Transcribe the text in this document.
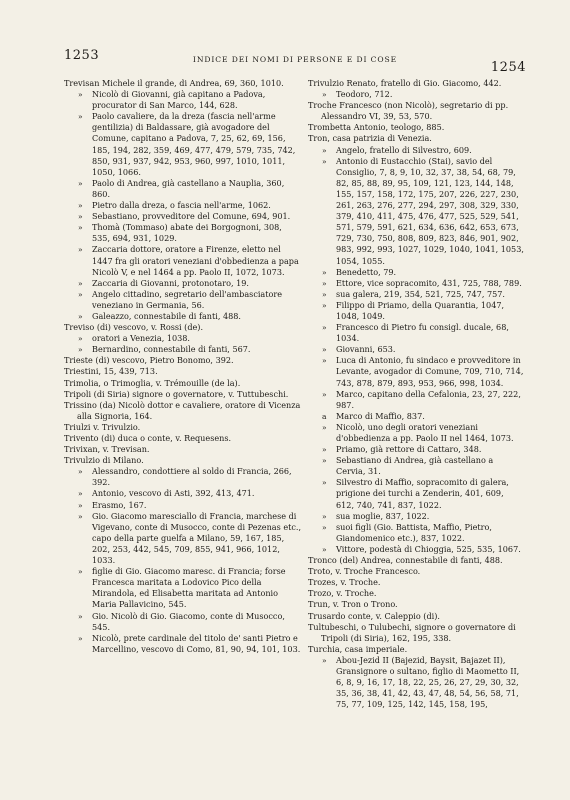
1253	INDICE DEI NOMI DI PERSONE E DI COSE
1254
Trevisan Michele il grande, di Andrea, 69, 360, 1010.
» Nicolò di Giovanni, già capitano a Padova, procurator di San Marco, 144, 628.
» Paolo cavaliere, da la dreza (fascia nell'arme gentilizia) di Baldassare, già avogadore del Comune, capitano a Padova, 7, 25, 62, 69, 156, 185, 194, 282, 359, 469, 477, 479, 579, 735, 742, 850, 931, 937, 942, 953, 960, 997, 1010, 1011, 1050, 1066.
» Paolo di Andrea, già castellano a Nauplia, 360, 860.
» Pietro dalla dreza, o fascia nell'arme, 1062.
» Sebastiano, provveditore del Comune, 694, 901.
» Thomà (Tommaso) abate dei Borgognoni, 308, 535, 694, 931, 1029.
» Zaccaria dottore, oratore a Firenze, eletto nel 1447 fra gli oratori veneziani d'obbedienza a papa Nicolò V, e nel 1464 a pp. Paolo II, 1072, 1073.
» Zaccaria di Giovanni, protonotaro, 19.
» Angelo cittadino, segretario dell'ambasciatore veneziano in Germania, 56.
» Galeazzo, connestabile di fanti, 488.
Treviso (di) vescovo, v. Rossi (de).
» oratori a Venezia, 1038.
» Bernardino, connestabile di fanti, 567.
Trieste (di) vescovo, Pietro Bonomo, 392.
Triestini, 15, 439, 713.
Trimolia, o Trimoglia, v. Trémouille (de la).
Tripoli (di Siria) signore o governatore, v. Tuttubeschi.
Trissino (da) Nicolò dottor e cavaliere, oratore di Vicenza alla Signoria, 164.
Triulzi v. Trivulzio.
Trivento (di) duca o conte, v. Requesens.
Trivixan, v. Trevisan.
Trivulzio di Milano.
» Alessandro, condottiere al soldo di Francia, 266, 392.
» Antonio, vescovo di Asti, 392, 413, 471.
» Erasmo, 167.
» Gio. Giacomo maresciallo di Francia, marchese di Vigevano, conte di Musocco, conte di Pezenas etc., capo della parte guelfa a Milano, 59, 167, 185, 202, 253, 442, 545, 709, 855, 941, 966, 1012, 1033.
» figlie di Gio. Giacomo maresc. di Francia; forse Francesca maritata a Lodovico Pico della Mirandola, ed Elisabetta maritata ad Antonio Maria Pallavicino, 545.
» Gio. Nicolò di Gio. Giacomo, conte di Musocco, 545.
» Nicolò, prete cardinale del titolo de' santi Pietro e Marcellino, vescovo di Como, 81, 90, 94, 101, 103.
Trivulzio Renato, fratello di Gio. Giacomo, 442.
» Teodoro, 712.
Troche Francesco (non Nicolò), segretario di pp. Alessandro VI, 39, 53, 570.
Trombetta Antonio, teologo, 885.
Tron, casa patrizia di Venezia.
» Angelo, fratello di Silvestro, 609.
» Antonio di Eustacchio (Stai), savio del Consiglio, 7, 8, 9, 10, 32, 37, 38, 54, 68, 79, 82, 85, 88, 89, 95, 109, 121, 123, 144, 148, 155, 157, 158, 172, 175, 207, 226, 227, 230, 261, 263, 276, 277, 294, 297, 308, 329, 330, 379, 410, 411, 475, 476, 477, 525, 529, 541, 571, 579, 591, 621, 634, 636, 642, 653, 673, 729, 730, 750, 808, 809, 823, 846, 901, 902, 983, 992, 993, 1027, 1029, 1040, 1041, 1053, 1054, 1055.
» Benedetto, 79.
» Ettore, vice sopracomito, 431, 725, 788, 789.
» sua galera, 219, 354, 521, 725, 747, 757.
» Filippo di Priamo, della Quarantia, 1047, 1048, 1049.
» Francesco di Pietro fu consigl. ducale, 68, 1034.
» Giovanni, 653.
» Luca di Antonio, fu sindaco e provveditore in Levante, avogador di Comune, 709, 710, 714, 743, 878, 879, 893, 953, 966, 998, 1034.
» Marco, capitano della Cefalonia, 23, 27, 222, 987.
a Marco di Maffio, 837.
» Nicolò, uno degli oratori veneziani d'obbedienza a pp. Paolo II nel 1464, 1073.
» Priamo, già rettore di Cattaro, 348.
» Sebastiano di Andrea, già castellano a Cervia, 31.
» Silvestro di Maffio, sopracomito di galera, prigione dei turchi a Zenderin, 401, 609, 612, 740, 741, 837, 1022.
» sua moglie, 837, 1022.
» suoi figli (Gio. Battista, Maffio, Pietro, Giandomenico etc.), 837, 1022.
» Vittore, podestà di Chioggia, 525, 535, 1067.
Tronco (del) Andrea, connestabile di fanti, 488.
Troto, v. Troche Francesco.
Trozes, v. Troche.
Trozo, v. Troche.
Trun, v. Tron o Trono.
Trusardo conte, v. Caleppio (di).
Tultubeschi, o Tulubechi, signore o governatore di Tripoli (di Siria), 162, 195, 338.
Turchia, casa imperiale.
» Abou-Jezid II (Bajezid, Baysit, Bajazet II), Gransignore o sultano, figlio di Maometto II, 6, 8, 9, 16, 17, 18, 22, 25, 26, 27, 29, 30, 32, 35, 36, 38, 41, 42, 43, 47, 48, 54, 56, 58, 71, 75, 77, 109, 125, 142, 145, 158, 195,
